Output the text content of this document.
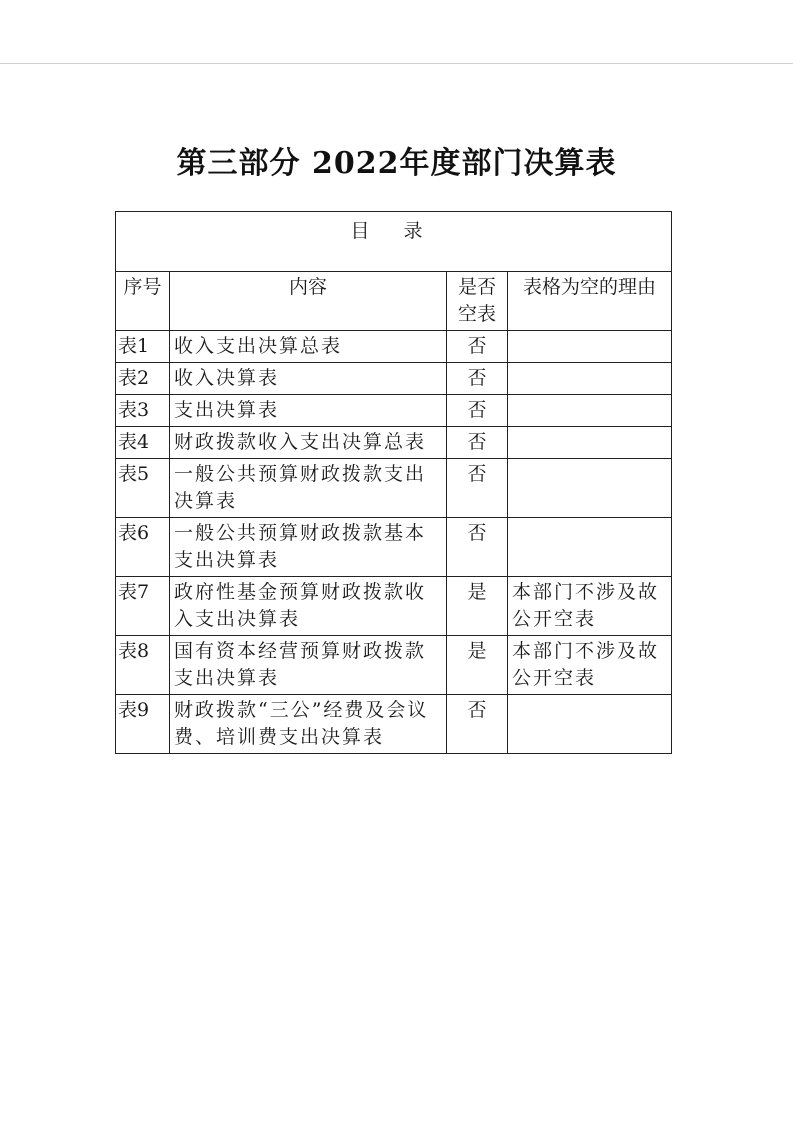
第三部分 2022年度部门决算表
目 录			
序号	内容	是否空表	表格为空的理由
表1	收入支出决算总表	否	
表2	收入决算表	否	
表3	支出决算表	否	
表4	财政拨款收入支出决算总表	否	
表5	一般公共预算财政拨款支出决算表	否	
表6	一般公共预算财政拨款基本支出决算表	否	
表7	政府性基金预算财政拨款收入支出决算表	是	本部门不涉及故公开空表
表8	国有资本经营预算财政拨款支出决算表	是	本部门不涉及故公开空表
表9	财政拨款“三公”经费及会议费、培训费支出决算表	否	
